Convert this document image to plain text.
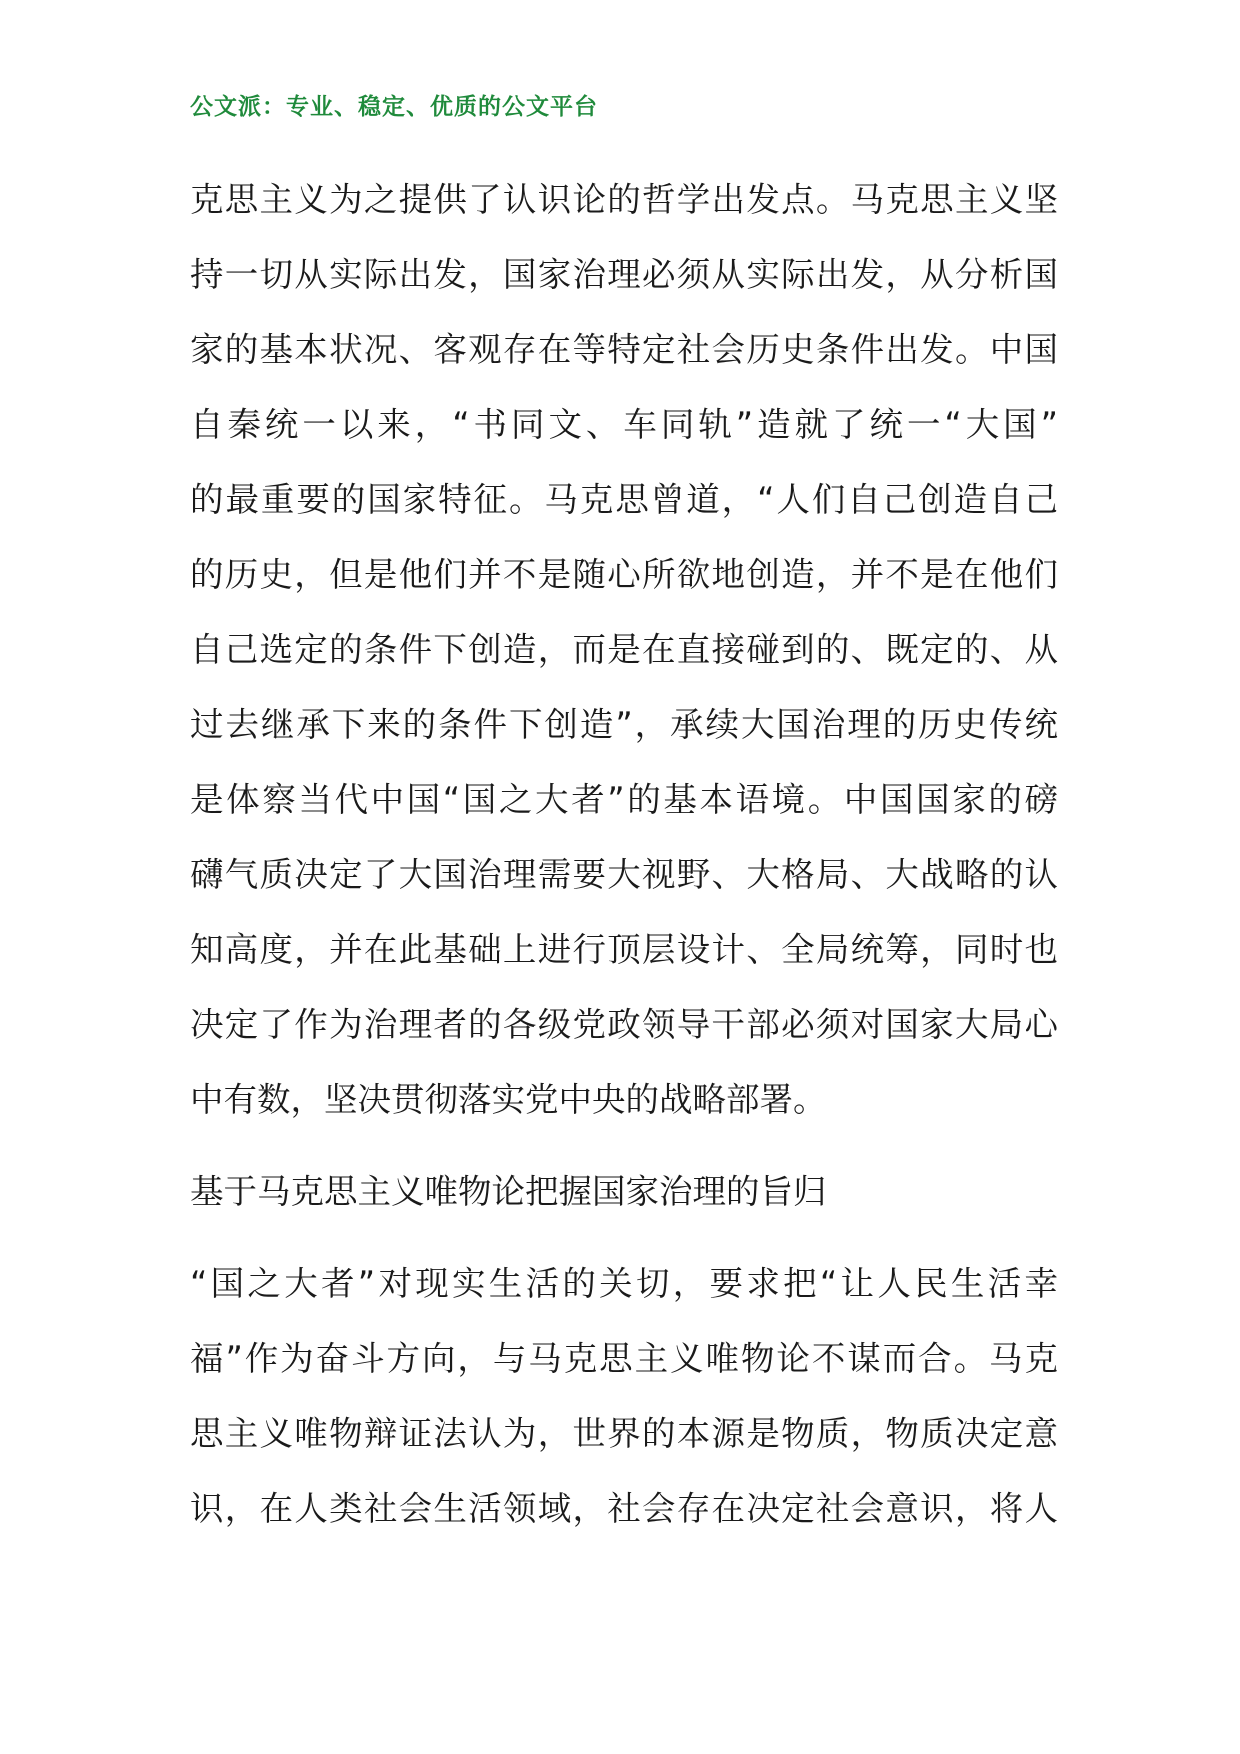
公文派：专业、稳定、优质的公文平台
克思主义为之提供了认识论的哲学出发点。马克思主义坚
持一切从实际出发，国家治理必须从实际出发，从分析国
家的基本状况、客观存在等特定社会历史条件出发。中国
自秦统一以来，“书同文、车同轨”造就了统一“大国”
的最重要的国家特征。马克思曾道，“人们自己创造自己
的历史，但是他们并不是随心所欲地创造，并不是在他们
自己选定的条件下创造，而是在直接碰到的、既定的、从
过去继承下来的条件下创造”，承续大国治理的历史传统
是体察当代中国“国之大者”的基本语境。中国国家的磅
礴气质决定了大国治理需要大视野、大格局、大战略的认
知高度，并在此基础上进行顶层设计、全局统筹，同时也
决定了作为治理者的各级党政领导干部必须对国家大局心
中有数，坚决贯彻落实党中央的战略部署。
基于马克思主义唯物论把握国家治理的旨归
“国之大者”对现实生活的关切，要求把“让人民生活幸
福”作为奋斗方向，与马克思主义唯物论不谋而合。马克
思主义唯物辩证法认为，世界的本源是物质，物质决定意
识，在人类社会生活领域，社会存在决定社会意识，将人
